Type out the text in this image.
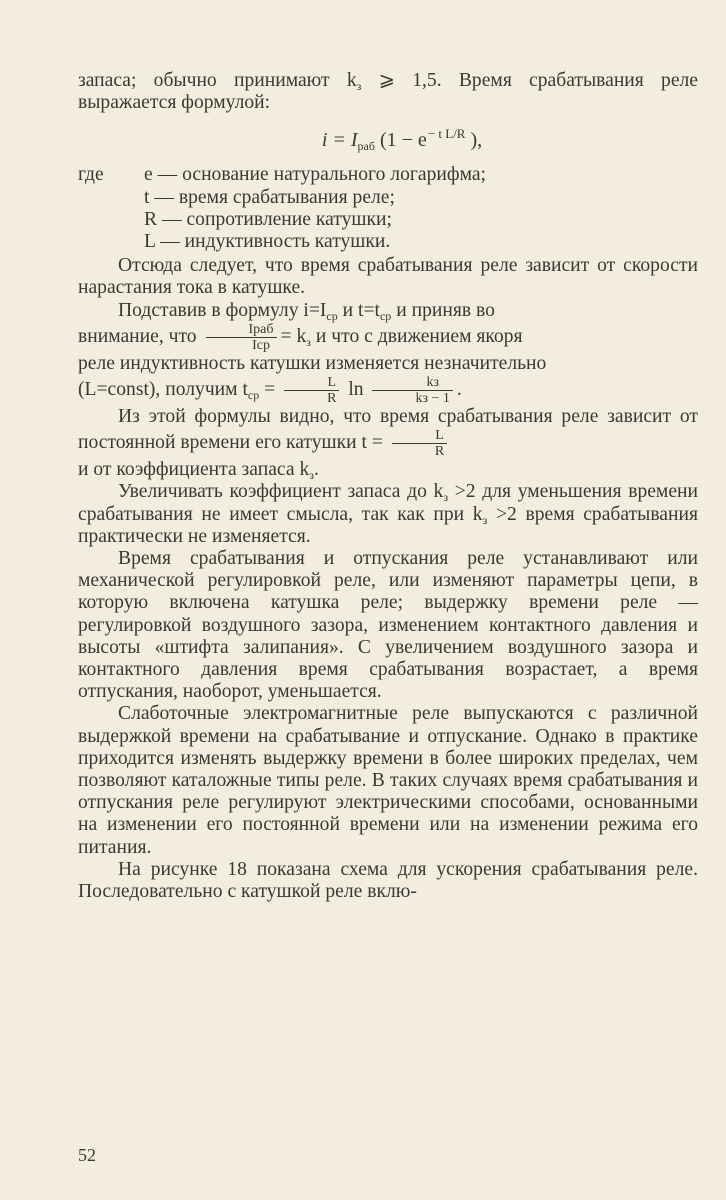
запаса; обычно принимают $k_з$ ⩾ 1,5. Время срабатывания реле выражается формулой:

$i = I_{раб}$ (1 − e− t L/R ),
где	e — основание натурального логарифма;
t — время срабатывания реле;
R — сопротивление катушки;
L — индуктивность катушки.

Отсюда следует, что время срабатывания реле зависит от скорости нарастания тока в катушке.

Подставив в формулу $i=I_{ср}$ и $t=t_{ср}$ и приняв во
внимание, что $\frac{\text{Iраб}}{\text{Iср}} = k_з$ и что с движением якоря
реле индуктивность катушки изменяется незначительно
(L=const), получим $t_{ср} = \frac{L}{R}$ $\ln \frac{kз}{kз - 1}$ .

Из этой формулы видно, что время срабатывания реле зависит от постоянной времени его катушки $t = \frac{L}{R}$

и от коэффициента запаса $k_з$.

Увеличивать коэффициент запаса до $k_з >2$ для уменьшения времени срабатывания не имеет смысла, так как при $k_з >2$ время срабатывания практически не изменяется.

Время срабатывания и отпускания реле устанавливают или механической регулировкой реле, или изменяют параметры цепи, в которую включена катушка реле; выдержку времени реле — регулировкой воздушного зазора, изменением контактного давления и высоты «штифта залипания». С увеличением воздушного зазора и контактного давления время срабатывания возрастает, а время отпускания, наоборот, уменьшается.

Слаботочные электромагнитные реле выпускаются с различной выдержкой времени на срабатывание и отпускание. Однако в практике приходится изменять выдержку времени в более широких пределах, чем позволяют каталожные типы реле. В таких случаях время срабатывания и отпускания реле регулируют электрическими способами, основанными на изменении его постоянной времени или на изменении режима его питания.

На рисунке 18 показана схема для ускорения срабатывания реле. Последовательно с катушкой реле вклю-

52
